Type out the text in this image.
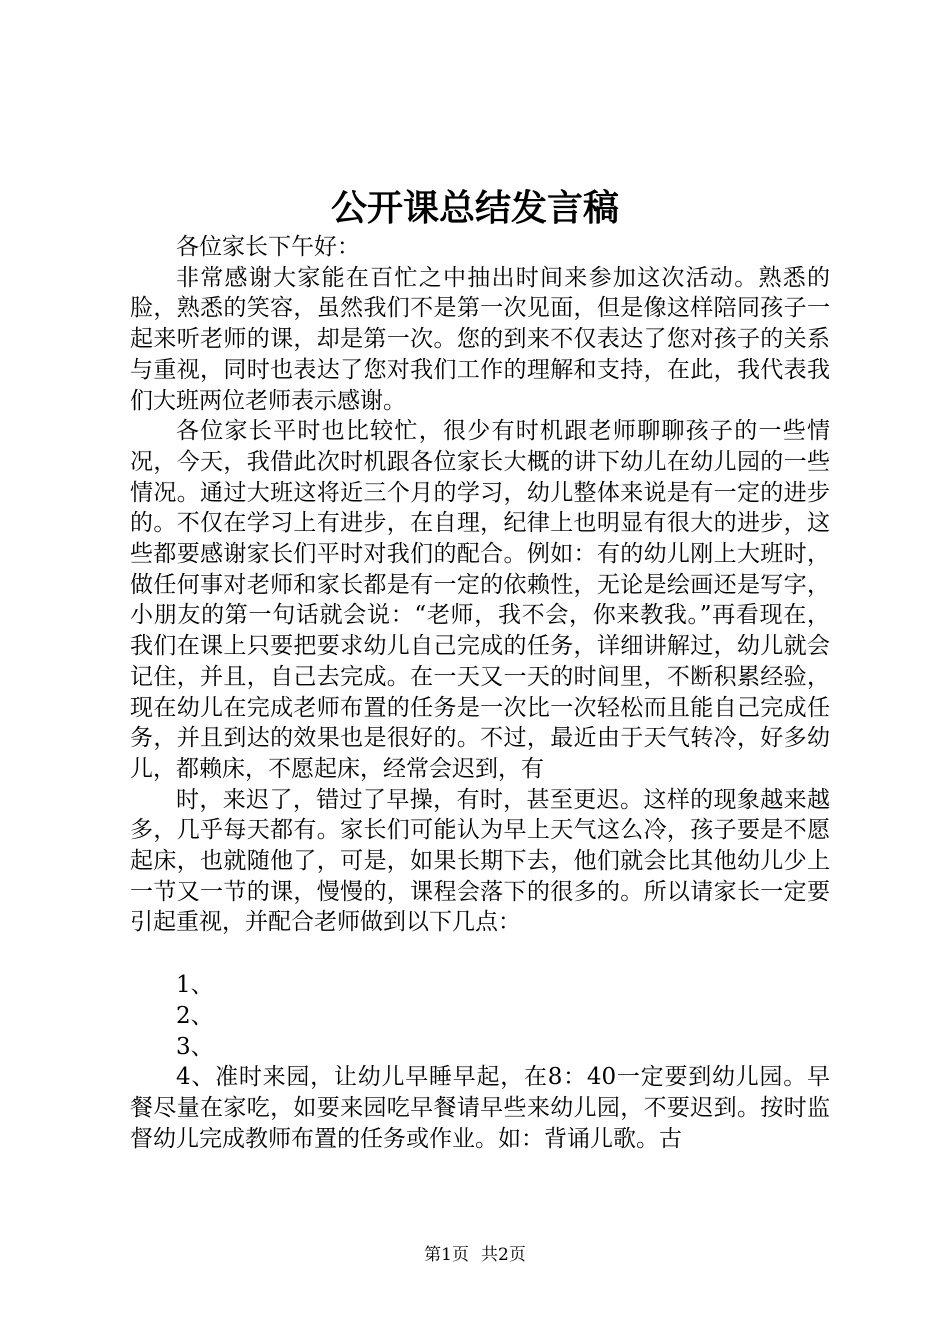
公开课总结发言稿

各位家长下午好：

非常感谢大家能在百忙之中抽出时间来参加这次活动。熟悉的脸，熟悉的笑容，虽然我们不是第一次见面，但是像这样陪同孩子一起来听老师的课，却是第一次。您的到来不仅表达了您对孩子的关系与重视，同时也表达了您对我们工作的理解和支持，在此，我代表我们大班两位老师表示感谢。

各位家长平时也比较忙，很少有时机跟老师聊聊孩子的一些情况，今天，我借此次时机跟各位家长大概的讲下幼儿在幼儿园的一些情况。通过大班这将近三个月的学习，幼儿整体来说是有一定的进步的。不仅在学习上有进步，在自理，纪律上也明显有很大的进步，这些都要感谢家长们平时对我们的配合。例如：有的幼儿刚上大班时，做任何事对老师和家长都是有一定的依赖性，无论是绘画还是写字，小朋友的第一句话就会说：“老师，我不会，你来教我。”再看现在，我们在课上只要把要求幼儿自己完成的任务，详细讲解过，幼儿就会记住，并且，自己去完成。在一天又一天的时间里，不断积累经验，现在幼儿在完成老师布置的任务是一次比一次轻松而且能自己完成任务，并且到达的效果也是很好的。不过，最近由于天气转冷，好多幼儿，都赖床，不愿起床，经常会迟到，有

时，来迟了，错过了早操，有时，甚至更迟。这样的现象越来越多，几乎每天都有。家长们可能认为早上天气这么冷，孩子要是不愿起床，也就随他了，可是，如果长期下去，他们就会比其他幼儿少上一节又一节的课，慢慢的，课程会落下的很多的。所以请家长一定要引起重视，并配合老师做到以下几点：

1、

2、

3、

4、准时来园，让幼儿早睡早起，在8：40一定要到幼儿园。早餐尽量在家吃，如要来园吃早餐请早些来幼儿园，不要迟到。按时监督幼儿完成教师布置的任务或作业。如：背诵儿歌。古

第1页 共2页
